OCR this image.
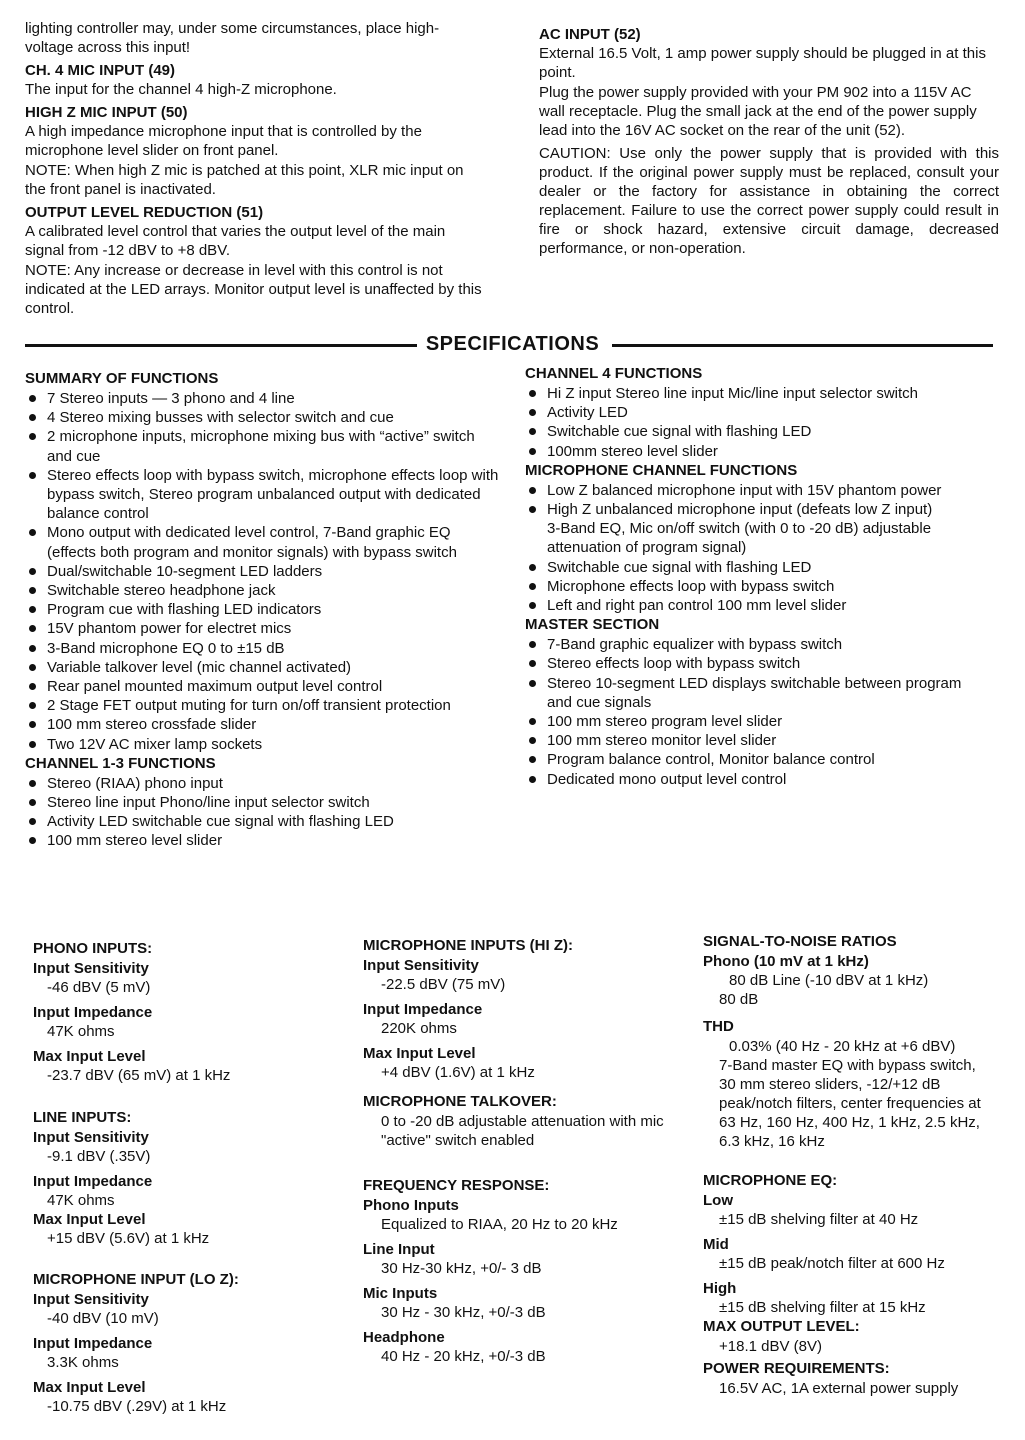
lighting controller may, under some circumstances, place high-voltage across this input!

CH. 4 MIC INPUT (49)

The input for the channel 4 high-Z microphone.

HIGH Z MIC INPUT (50)

A high impedance microphone input that is controlled by the microphone level slider on front panel.

NOTE: When high Z mic is patched at this point, XLR mic input on the front panel is inactivated.

OUTPUT LEVEL REDUCTION (51)

A calibrated level control that varies the output level of the main signal from -12 dBV to +8 dBV.

NOTE: Any increase or decrease in level with this control is not indicated at the LED arrays. Monitor output level is unaffected by this control.

AC INPUT (52)

External 16.5 Volt, 1 amp power supply should be plugged in at this point.

Plug the power supply provided with your PM 902 into a 115V AC wall receptacle. Plug the small jack at the end of the power supply lead into the 16V AC socket on the rear of the unit (52).

CAUTION: Use only the power supply that is provided with this product. If the original power supply must be replaced, consult your dealer or the factory for assistance in obtaining the correct replacement. Failure to use the correct power supply could result in fire or shock hazard, extensive circuit damage, decreased performance, or non-operation.

SPECIFICATIONS

SUMMARY OF FUNCTIONS

7 Stereo inputs — 3 phono and 4 line
4 Stereo mixing busses with selector switch and cue
2 microphone inputs, microphone mixing bus with “active” switch and cue
Stereo effects loop with bypass switch, microphone effects loop with bypass switch, Stereo program unbalanced output with dedicated balance control
Mono output with dedicated level control, 7-Band graphic EQ (effects both program and monitor signals) with bypass switch
Dual/switchable 10-segment LED ladders
Switchable stereo headphone jack
Program cue with flashing LED indicators
15V phantom power for electret mics
3-Band microphone EQ 0 to ±15 dB
Variable talkover level (mic channel activated)
Rear panel mounted maximum output level control
2 Stage FET output muting for turn on/off transient protection
100 mm stereo crossfade slider
Two 12V AC mixer lamp sockets

CHANNEL 1-3 FUNCTIONS

Stereo (RIAA) phono input
Stereo line input Phono/line input selector switch
Activity LED switchable cue signal with flashing LED
100 mm stereo level slider

CHANNEL 4 FUNCTIONS

Hi Z input Stereo line input Mic/line input selector switch
Activity LED
Switchable cue signal with flashing LED
100mm stereo level slider

MICROPHONE CHANNEL FUNCTIONS

Low Z balanced microphone input with 15V phantom power
High Z unbalanced microphone input (defeats low Z input)
3-Band EQ, Mic on/off switch (with 0 to -20 dB) adjustable attenuation of program signal)
Switchable cue signal with flashing LED
Microphone effects loop with bypass switch
Left and right pan control 100 mm level slider

MASTER SECTION

7-Band graphic equalizer with bypass switch
Stereo effects loop with bypass switch
Stereo 10-segment LED displays switchable between program and cue signals
100 mm stereo program level slider
100 mm stereo monitor level slider
Program balance control, Monitor balance control
Dedicated mono output level control

PHONO INPUTS:

Input Sensitivity

-46 dBV (5 mV)

Input Impedance

47K ohms

Max Input Level

-23.7 dBV (65 mV) at 1 kHz

LINE INPUTS:

Input Sensitivity

-9.1 dBV (.35V)

Input Impedance

47K ohms

Max Input Level

+15 dBV (5.6V) at 1 kHz

MICROPHONE INPUT (LO Z):

Input Sensitivity

-40 dBV (10 mV)

Input Impedance

3.3K ohms

Max Input Level

-10.75 dBV (.29V) at 1 kHz

MICROPHONE INPUTS (HI Z):

Input Sensitivity

-22.5 dBV (75 mV)

Input Impedance

220K ohms

Max Input Level

+4 dBV (1.6V) at 1 kHz

MICROPHONE TALKOVER:

0 to -20 dB adjustable attenuation with mic "active" switch enabled

FREQUENCY RESPONSE:

Phono Inputs

Equalized to RIAA, 20 Hz to 20 kHz

Line Input

30 Hz-30 kHz, +0/- 3 dB

Mic Inputs

30 Hz - 30 kHz, +0/-3 dB

Headphone

40 Hz - 20 kHz, +0/-3 dB

SIGNAL-TO-NOISE RATIOS

Phono (10 mV at 1 kHz)

80 dB Line (-10 dBV at 1 kHz)

80 dB

THD

0.03% (40 Hz - 20 kHz at +6 dBV)

7-Band master EQ with bypass switch, 30 mm stereo sliders, -12/+12 dB peak/notch filters, center frequencies at 63 Hz, 160 Hz, 400 Hz, 1 kHz, 2.5 kHz, 6.3 kHz, 16 kHz

MICROPHONE EQ:

Low

±15 dB shelving filter at 40 Hz

Mid

±15 dB peak/notch filter at 600 Hz

High

±15 dB shelving filter at 15 kHz

MAX OUTPUT LEVEL:

+18.1 dBV (8V)

POWER REQUIREMENTS:

16.5V AC, 1A external power supply
